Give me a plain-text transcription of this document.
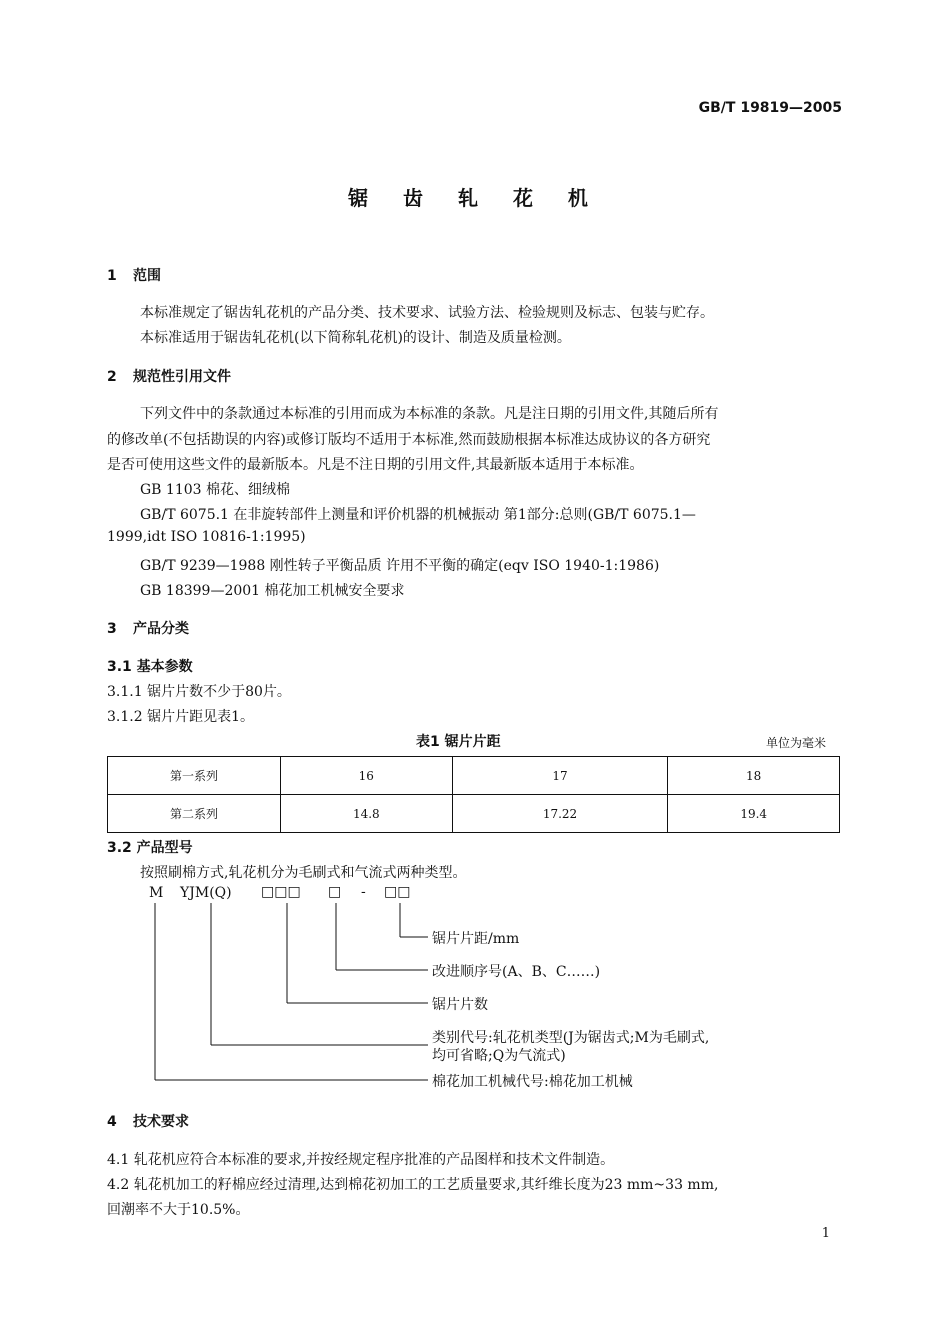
GB/T 19819—2005
锯 齿 轧 花 机
1 范围
本标准规定了锯齿轧花机的产品分类、技术要求、试验方法、检验规则及标志、包装与贮存。
本标准适用于锯齿轧花机(以下简称轧花机)的设计、制造及质量检测。
2 规范性引用文件
下列文件中的条款通过本标准的引用而成为本标准的条款。凡是注日期的引用文件,其随后所有
的修改单(不包括勘误的内容)或修订版均不适用于本标准,然而鼓励根据本标准达成协议的各方研究
是否可使用这些文件的最新版本。凡是不注日期的引用文件,其最新版本适用于本标准。
GB 1103 棉花、细绒棉
GB/T 6075.1 在非旋转部件上测量和评价机器的机械振动 第1部分:总则(GB/T 6075.1—
1999,idt ISO 10816-1:1995)
GB/T 9239—1988 刚性转子平衡品质 许用不平衡的确定(eqv ISO 1940-1:1986)
GB 18399—2001 棉花加工机械安全要求
3 产品分类
3.1 基本参数
3.1.1 锯片片数不少于80片。
3.1.2 锯片片距见表1。
表1 锯片片距	单位为毫米
第一系列	16	17	18
第二系列	14.8	17.22	19.4
3.2 产品型号
按照刷棉方式,轧花机分为毛刷式和气流式两种类型。
M YJM(Q) □□□ □ - □□
锯片片距/mm
改进顺序号(A、B、C……)
锯片片数
类别代号:轧花机类型(J为锯齿式;M为毛刷式,
均可省略;Q为气流式)
棉花加工机械代号:棉花加工机械
4 技术要求
4.1 轧花机应符合本标准的要求,并按经规定程序批准的产品图样和技术文件制造。
4.2 轧花机加工的籽棉应经过清理,达到棉花初加工的工艺质量要求,其纤维长度为23 mm~33 mm,
回潮率不大于10.5%。
1
